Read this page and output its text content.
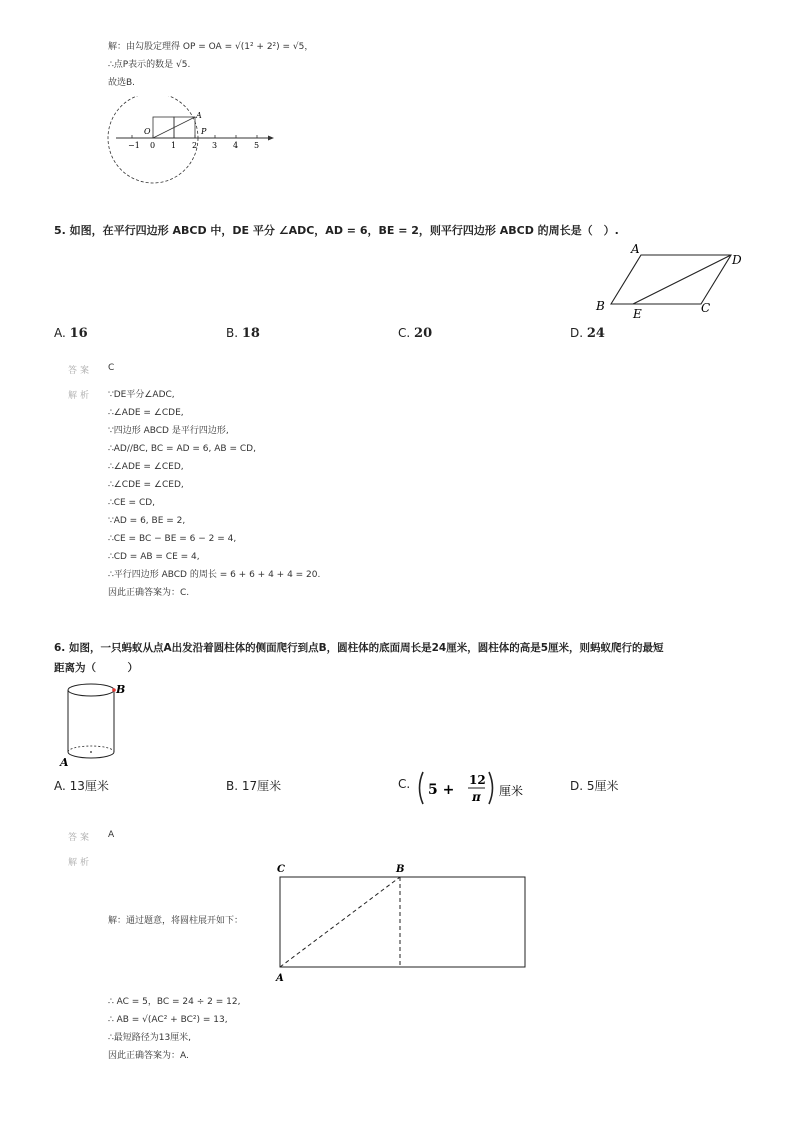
解：由勾股定理得 OP = OA = √(1² + 2²) = √5，
∴点P表示的数是 √5.
故选B.
−1 0 1 2 3 4 5
O
A
P
5. 如图，在平行四边形 ABCD 中，DE 平分 ∠ADC，AD = 6，BE = 2，则平行四边形 ABCD 的周长是（　）.
A
D
B	C
E
A. 16	B. 18	C. 20	D. 24
答案 C
解析 ∵DE平分∠ADC,
∴∠ADE = ∠CDE,
∵四边形 ABCD 是平行四边形,
∴AD//BC, BC = AD = 6, AB = CD,
∴∠ADE = ∠CED,
∴∠CDE = ∠CED,
∴CE = CD,
∵AD = 6, BE = 2,
∴CE = BC − BE = 6 − 2 = 4,
∴CD = AB = CE = 4,
∴平行四边形 ABCD 的周长 = 6 + 6 + 4 + 4 = 20.
因此正确答案为：C.
6. 如图，一只蚂蚁从点A出发沿着圆柱体的侧面爬行到点B，圆柱体的底面周长是24厘米，圆柱体的高是5厘米，则蚂蚁爬行的最短
距离为（　　　）
B
A
A. 13厘米	B. 17厘米	C. 5 +
12
π 厘米	D. 5厘米
答案 A
解析
解：通过题意，将圆柱展开如下：
C	B
A
∴ AC = 5，BC = 24 ÷ 2 = 12,
∴ AB = √(AC² + BC²) = 13,
∴最短路径为13厘米,
因此正确答案为：A.
